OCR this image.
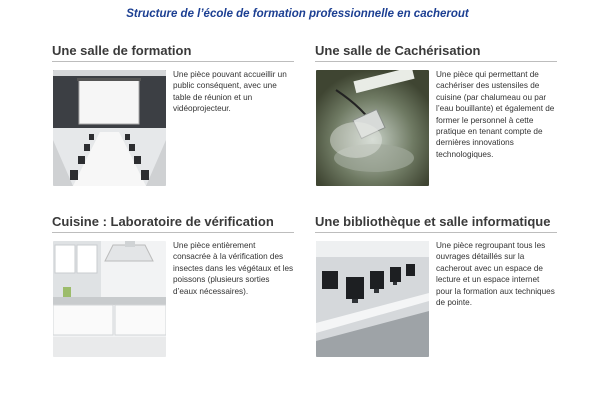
Structure de l’école de formation professionnelle en cacherout
Une salle de formation

Une pièce pouvant accueillir un public conséquent, avec une table de réunion et un vidéoprojecteur.

Une salle de Cachérisation

Une pièce qui permettant de cachériser des ustensiles de cuisine (par chalumeau ou par l’eau bouillante) et également de former le personnel à cette pratique en tenant compte de dernières innovations technologiques.

Cuisine : Laboratoire de vérification

Une pièce entièrement consacrée à la vérification des insectes dans les végétaux et les poissons (plusieurs sorties d’eaux nécessaires).

Une bibliothèque et salle informatique

Une pièce regroupant tous les ouvrages détaillés sur la cacherout avec un espace de lecture et un espace internet pour la formation aux techniques de pointe.
